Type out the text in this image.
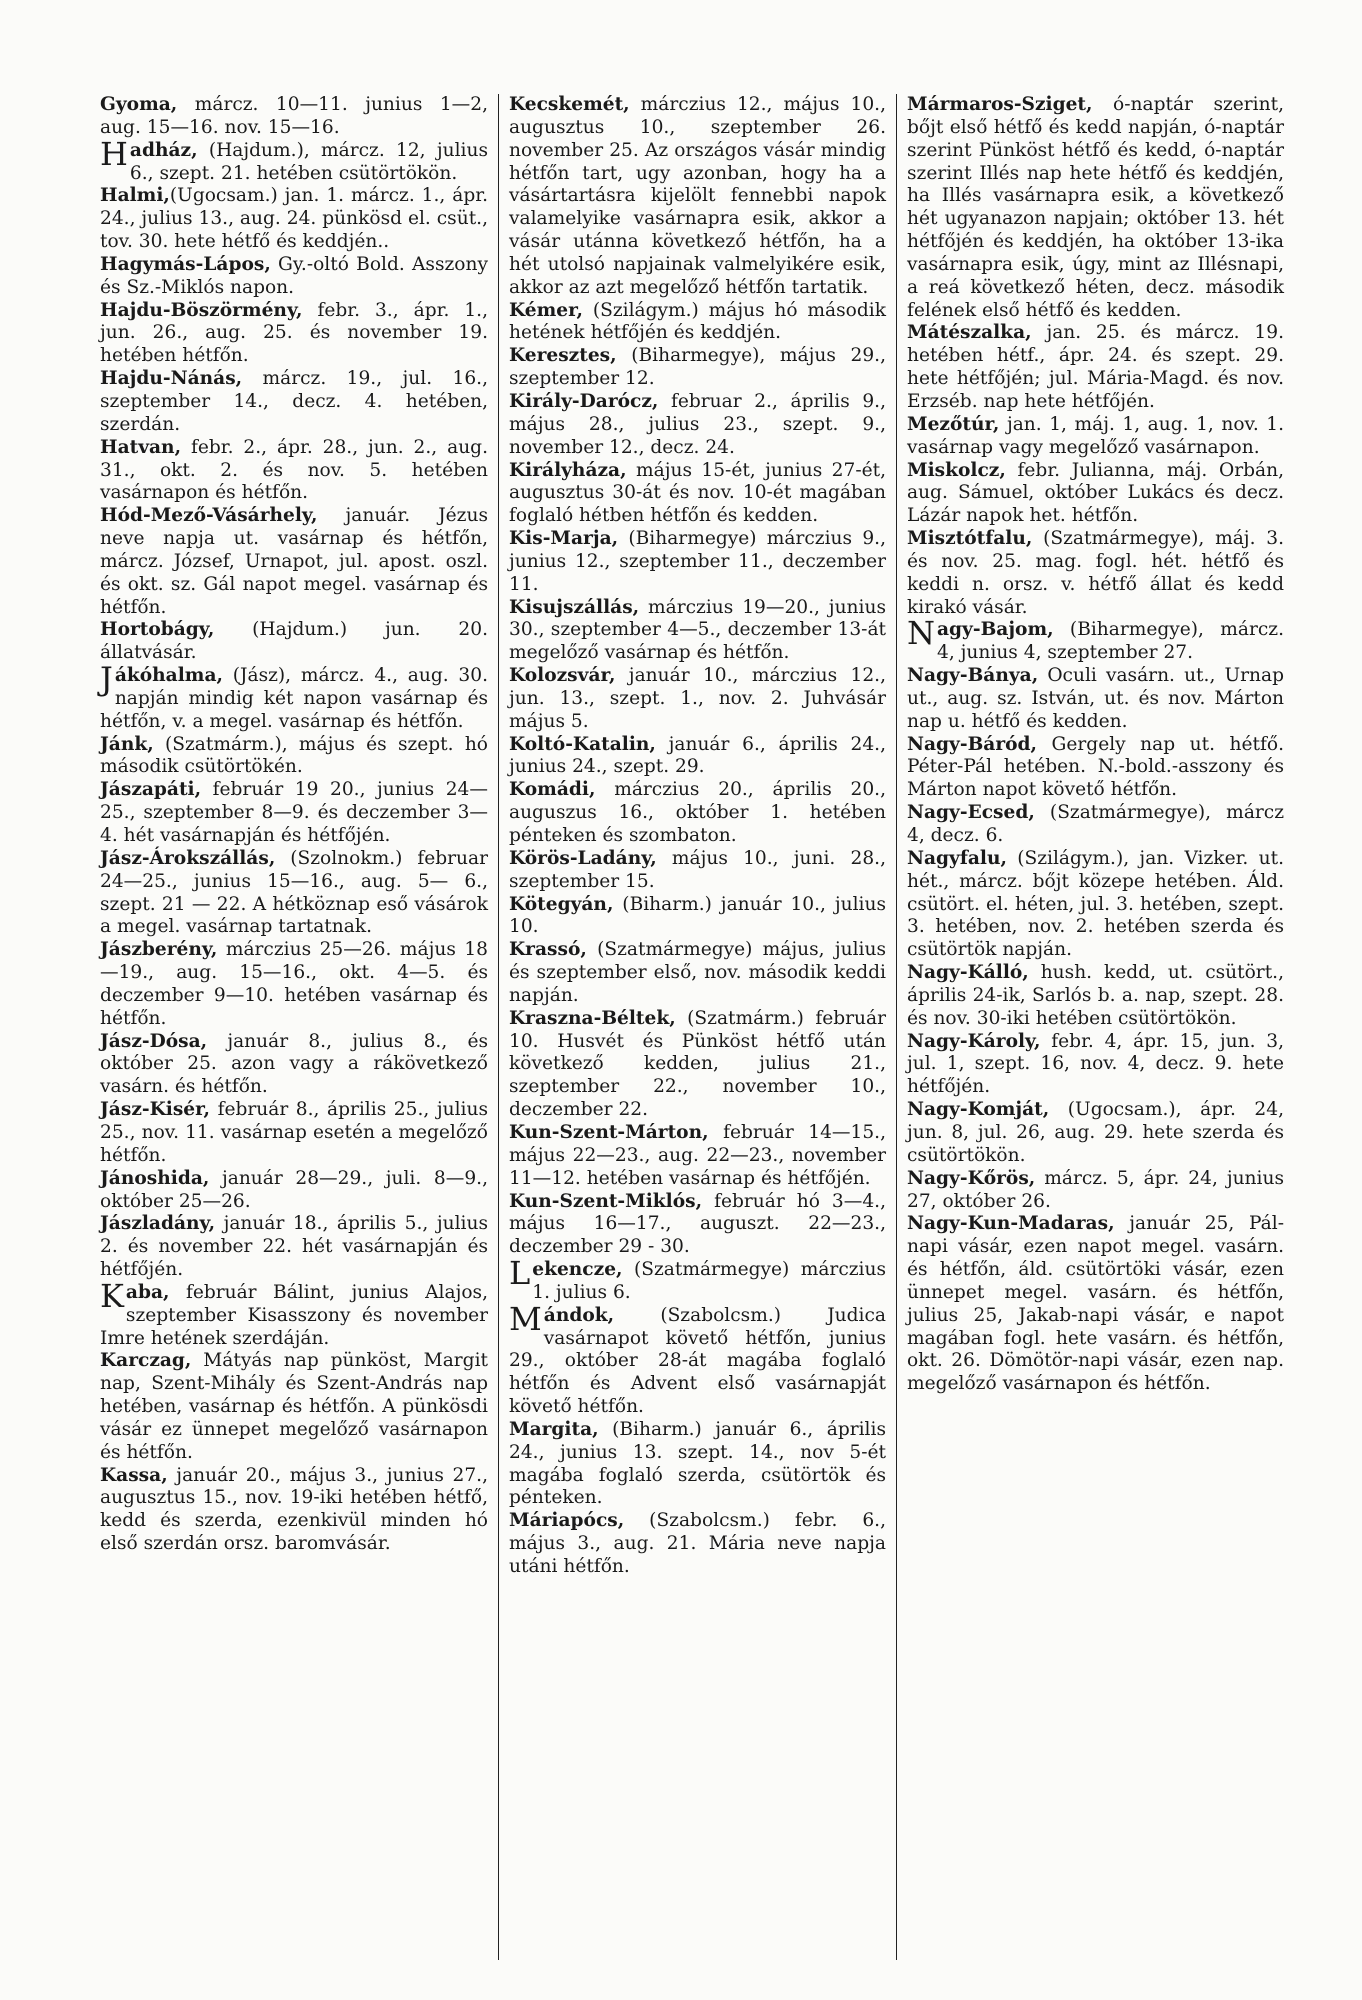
Gyoma, márcz. 10—11. junius 1—2, aug. 15—16. nov. 15—16.

Hadház, (Hajdum.), márcz. 12, julius 6., szept. 21. hetében csütörtökön.

Halmi,(Ugocsam.) jan. 1. márcz. 1., ápr. 24., julius 13., aug. 24. pünkösd el. csüt., tov. 30. hete hétfő és keddjén..

Hagymás-Lápos, Gy.-oltó Bold. Asszony és Sz.-Miklós napon.

Hajdu-Böszörmény, febr. 3., ápr. 1., jun. 26., aug. 25. és november 19. hetében hétfőn.

Hajdu-Nánás, márcz. 19., jul. 16., szeptember 14., decz. 4. hetében, szerdán.

Hatvan, febr. 2., ápr. 28., jun. 2., aug. 31., okt. 2. és nov. 5. hetében vasárnapon és hétfőn.

Hód-Mező-Vásárhely, január. Jézus neve napja ut. vasárnap és hétfőn, márcz. József, Urnapot, jul. apost. oszl. és okt. sz. Gál napot megel. vasárnap és hétfőn.

Hortobágy, (Hajdum.) jun. 20. állatvásár.

Jákóhalma, (Jász), márcz. 4., aug. 30. napján mindig két napon vasárnap és hétfőn, v. a megel. vasárnap és hétfőn.

Jánk, (Szatmárm.), május és szept. hó második csütörtökén.

Jászapáti, február 19 20., junius 24—25., szeptember 8—9. és deczember 3—4. hét vasárnapján és hétfőjén.

Jász-Árokszállás, (Szolnokm.) februar 24—25., junius 15—16., aug. 5— 6., szept. 21 — 22. A hétköznap eső vásárok a megel. vasárnap tartatnak.

Jászberény, márczius 25—26. május 18—19., aug. 15—16., okt. 4—5. és deczember 9—10. hetében vasárnap és hétfőn.

Jász-Dósa, január 8., julius 8., és október 25. azon vagy a rákövetkező vasárn. és hétfőn.

Jász-Kisér, február 8., április 25., julius 25., nov. 11. vasárnap esetén a megelőző hétfőn.

Jánoshida, január 28—29., juli. 8—9., október 25—26.

Jászladány, január 18., április 5., julius 2. és november 22. hét vasárnapján és hétfőjén.

Kaba, február Bálint, junius Alajos, szeptember Kisasszony és november Imre hetének szerdáján.

Karczag, Mátyás nap pünköst, Margit nap, Szent-Mihály és Szent-András nap hetében, vasárnap és hétfőn. A pünkösdi vásár ez ünnepet megelőző vasárnapon és hétfőn.

Kassa, január 20., május 3., junius 27., augusztus 15., nov. 19-iki hetében hétfő, kedd és szerda, ezenkivül minden hó első szerdán orsz. baromvásár.

Kecskemét, márczius 12., május 10., augusztus 10., szeptember 26. november 25. Az országos vásár mindig hétfőn tart, ugy azonban, hogy ha a vásártartásra kijelölt fennebbi napok valamelyike vasárnapra esik, akkor a vásár utánna következő hétfőn, ha a hét utolsó napjainak valmelyikére esik, akkor az azt megelőző hétfőn tartatik.

Kémer, (Szilágym.) május hó második hetének hétfőjén és keddjén.

Keresztes, (Biharmegye), május 29., szeptember 12.

Király-Darócz, februar 2., április 9., május 28., julius 23., szept. 9., november 12., decz. 24.

Királyháza, május 15-ét, junius 27-ét, augusztus 30-át és nov. 10-ét magában foglaló hétben hétfőn és kedden.

Kis-Marja, (Biharmegye) márczius 9., junius 12., szeptember 11., deczember 11.

Kisujszállás, márczius 19—20., junius 30., szeptember 4—5., deczember 13-át megelőző vasárnap és hétfőn.

Kolozsvár, január 10., márczius 12., jun. 13., szept. 1., nov. 2. Juhvásár május 5.

Koltó-Katalin, január 6., április 24., junius 24., szept. 29.

Komádi, márczius 20., április 20., auguszus 16., október 1. hetében pénteken és szombaton.

Körös-Ladány, május 10., juni. 28., szeptember 15.

Kötegyán, (Biharm.) január 10., julius 10.

Krassó, (Szatmármegye) május, julius és szeptember első, nov. második keddi napján.

Kraszna-Béltek, (Szatmárm.) február 10. Husvét és Pünköst hétfő után következő kedden, julius 21., szeptember 22., november 10., deczember 22.

Kun-Szent-Márton, február 14—15., május 22—23., aug. 22—23., november 11—12. hetében vasárnap és hétfőjén.

Kun-Szent-Miklós, február hó 3—4., május 16—17., auguszt. 22—23., deczember 29 - 30.

Lekencze, (Szatmármegye) márczius 1. julius 6.

Mándok, (Szabolcsm.) Judica vasárnapot követő hétfőn, junius 29., október 28-át magába foglaló hétfőn és Advent első vasárnapját követő hétfőn.

Margita, (Biharm.) január 6., április 24., junius 13. szept. 14., nov 5-ét magába foglaló szerda, csütörtök és pénteken.

Máriapócs, (Szabolcsm.) febr. 6., május 3., aug. 21. Mária neve napja utáni hétfőn.

Mármaros-Sziget, ó-naptár szerint, bőjt első hétfő és kedd napján, ó-naptár szerint Pünköst hétfő és kedd, ó-naptár szerint Illés nap hete hétfő és keddjén, ha Illés vasárnapra esik, a következő hét ugyanazon napjain; október 13. hét hétfőjén és keddjén, ha október 13-ika vasárnapra esik, úgy, mint az Illésnapi, a reá következő héten, decz. második felének első hétfő és kedden.

Mátészalka, jan. 25. és márcz. 19. hetében hétf., ápr. 24. és szept. 29. hete hétfőjén; jul. Mária-Magd. és nov. Erzséb. nap hete hétfőjén.

Mezőtúr, jan. 1, máj. 1, aug. 1, nov. 1. vasárnap vagy megelőző vasárnapon.

Miskolcz, febr. Julianna, máj. Orbán, aug. Sámuel, október Lukács és decz. Lázár napok het. hétfőn.

Misztótfalu, (Szatmármegye), máj. 3. és nov. 25. mag. fogl. hét. hétfő és keddi n. orsz. v. hétfő állat és kedd kirakó vásár.

Nagy-Bajom, (Biharmegye), márcz. 4, junius 4, szeptember 27.

Nagy-Bánya, Oculi vasárn. ut., Urnap ut., aug. sz. István, ut. és nov. Márton nap u. hétfő és kedden.

Nagy-Báród, Gergely nap ut. hétfő. Péter-Pál hetében. N.-bold.-asszony és Márton napot követő hétfőn.

Nagy-Ecsed, (Szatmármegye), márcz 4, decz. 6.

Nagyfalu, (Szilágym.), jan. Vizker. ut. hét., márcz. bőjt közepe hetében. Áld. csütört. el. héten, jul. 3. hetében, szept. 3. hetében, nov. 2. hetében szerda és csütörtök napján.

Nagy-Kálló, hush. kedd, ut. csütört., április 24-ik, Sarlós b. a. nap, szept. 28. és nov. 30-iki hetében csütörtökön.

Nagy-Károly, febr. 4, ápr. 15, jun. 3, jul. 1, szept. 16, nov. 4, decz. 9. hete hétfőjén.

Nagy-Komját, (Ugocsam.), ápr. 24, jun. 8, jul. 26, aug. 29. hete szerda és csütörtökön.

Nagy-Kőrös, márcz. 5, ápr. 24, junius 27, október 26.

Nagy-Kun-Madaras, január 25, Pál-napi vásár, ezen napot megel. vasárn. és hétfőn, áld. csütörtöki vásár, ezen ünnepet megel. vasárn. és hétfőn, julius 25, Jakab-napi vásár, e napot magában fogl. hete vasárn. és hétfőn, okt. 26. Dömötör-napi vásár, ezen nap. megelőző vasárnapon és hétfőn.
